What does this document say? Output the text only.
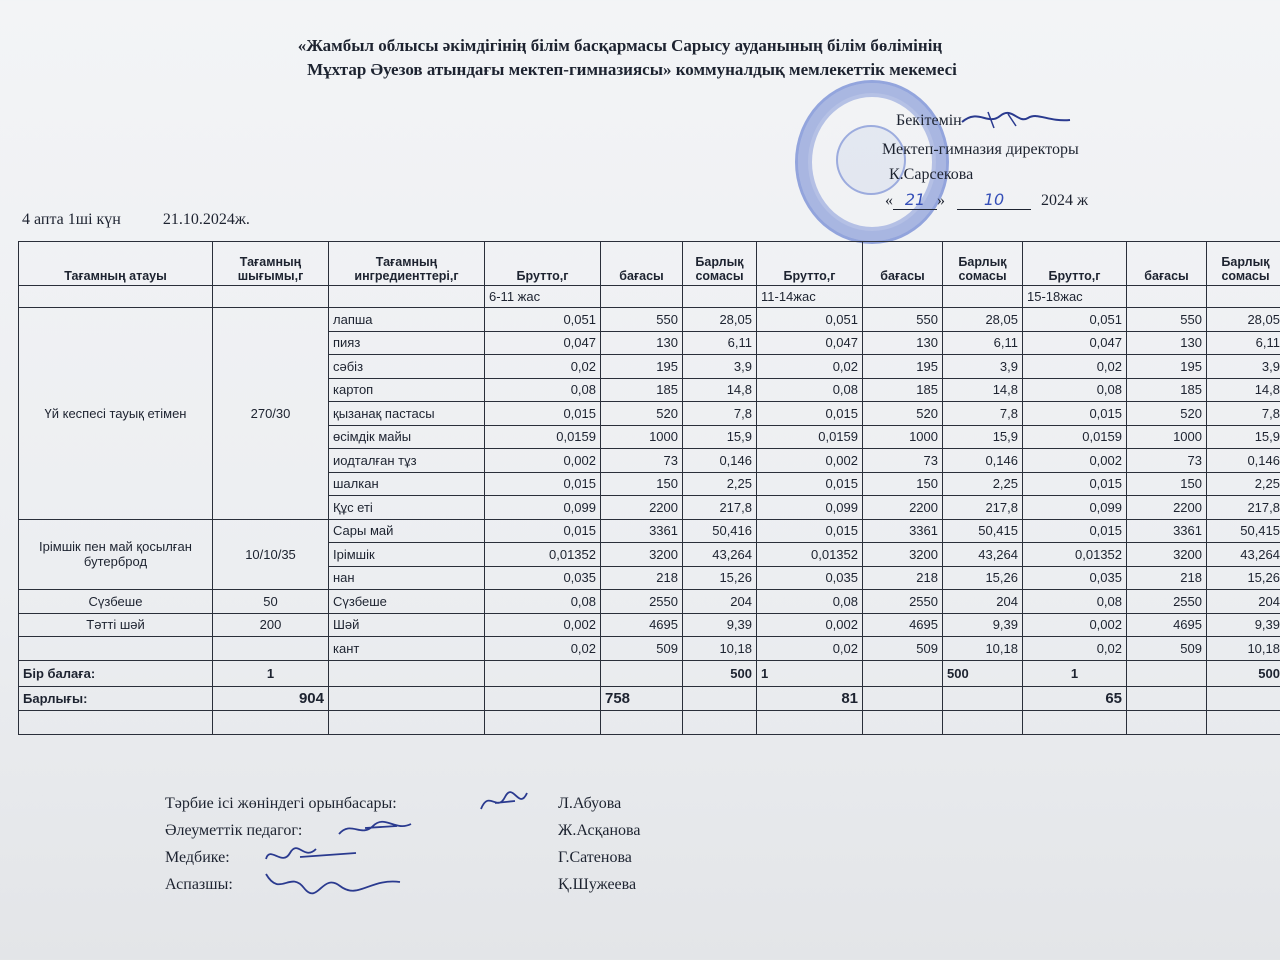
«Жамбыл облысы әкімдігінің білім басқармасы Сарысу ауданының білім бөлімінің
Мұхтар Әуезов атындағы мектеп-гимназиясы» коммуналдық мемлекеттік мекемесі
Бекітемін
Мектеп-гимназия директоры
К.Сарсекова
« 21 » 10 2024 ж
4 апта 1ші күн	21.10.2024ж.
Тағамның атауы	Тағамның шығымы,г	Тағамның ингредиенттері,г	Брутто,г	бағасы	Барлық сомасы	Брутто,г	бағасы	Барлық сомасы	Брутто,г	бағасы	Барлық сомасы
			6-11 жас			11-14жас			15-18жас		
Үй кеспесі тауық етімен	270/30	лапша	0,051	550	28,05	0,051	550	28,05	0,051	550	28,05
		пияз	0,047	130	6,11	0,047	130	6,11	0,047	130	6,11
		сәбіз	0,02	195	3,9	0,02	195	3,9	0,02	195	3,9
		картоп	0,08	185	14,8	0,08	185	14,8	0,08	185	14,8
		қызанақ пастасы	0,015	520	7,8	0,015	520	7,8	0,015	520	7,8
		өсімдік майы	0,0159	1000	15,9	0,0159	1000	15,9	0,0159	1000	15,9
		иодталған тұз	0,002	73	0,146	0,002	73	0,146	0,002	73	0,146
		шалкан	0,015	150	2,25	0,015	150	2,25	0,015	150	2,25
		Құс еті	0,099	2200	217,8	0,099	2200	217,8	0,099	2200	217,8
Ірімшік пен май қосылған бутерброд	10/10/35	Сары май	0,015	3361	50,416	0,015	3361	50,415	0,015	3361	50,415
		Ірімшік	0,01352	3200	43,264	0,01352	3200	43,264	0,01352	3200	43,264
		нан	0,035	218	15,26	0,035	218	15,26	0,035	218	15,26
Сүзбеше	50	Сүзбеше	0,08	2550	204	0,08	2550	204	0,08	2550	204
Тәтті шәй	200	Шәй	0,002	4695	9,39	0,002	4695	9,39	0,002	4695	9,39
		кант	0,02	509	10,18	0,02	509	10,18	0,02	509	10,18
Бір балаға:	1				500	1		500	1		500
Барлығы:	904			758		81			65		

Тәрбие ісі жөніндегі орынбасары:	Л.Абуова
Әлеуметтік педагог:	Ж.Асқанова
Медбике:	Г.Сатенова
Аспазшы:	Қ.Шужеева
